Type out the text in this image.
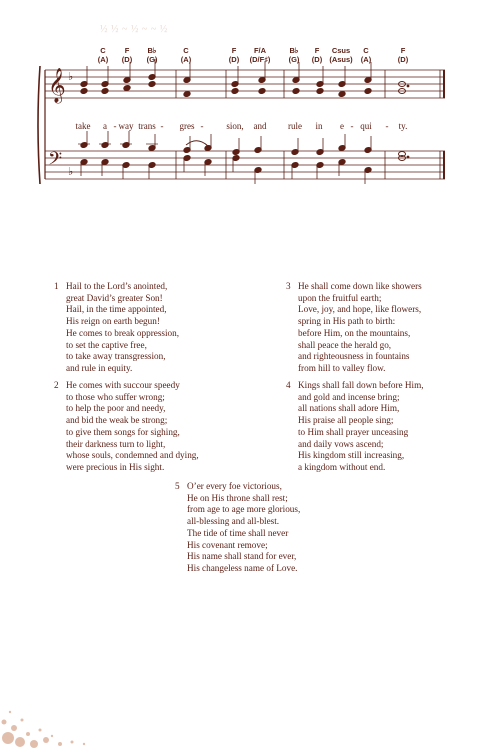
½ ½ ~ ½ ~ ~ ½
C
(A)
F
(D)
B♭
(G)
C
(A)
F
(D)
F/A
(D/F♯)
B♭
(G)
F
(D)
Csus
(Asus)
C
(A)
F
(D)
𝄞
𝄢
♭
♭
take a - way trans - gres -	sion, and rule in e - qui - ty.
1 Hail to the Lord’s anointed,
great David’s greater Son!
Hail, in the time appointed,
His reign on earth begun!
He comes to break oppression,
to set the captive free,
to take away transgression,
and rule in equity.
2 He comes with succour speedy
to those who suffer wrong;
to help the poor and needy,
and bid the weak be strong;
to give them songs for sighing,
their darkness turn to light,
whose souls, condemned and dying,
were precious in His sight.
3 He shall come down like showers
upon the fruitful earth;
Love, joy, and hope, like flowers,
spring in His path to birth:
before Him, on the mountains,
shall peace the herald go,
and righteousness in fountains
from hill to valley flow.
4 Kings shall fall down before Him,
and gold and incense bring;
all nations shall adore Him,
His praise all people sing;
to Him shall prayer unceasing
and daily vows ascend;
His kingdom still increasing,
a kingdom without end.
5 O’er every foe victorious,
He on His throne shall rest;
from age to age more glorious,
all-blessing and all-blest.
The tide of time shall never
His covenant remove;
His name shall stand for ever,
His changeless name of Love.
